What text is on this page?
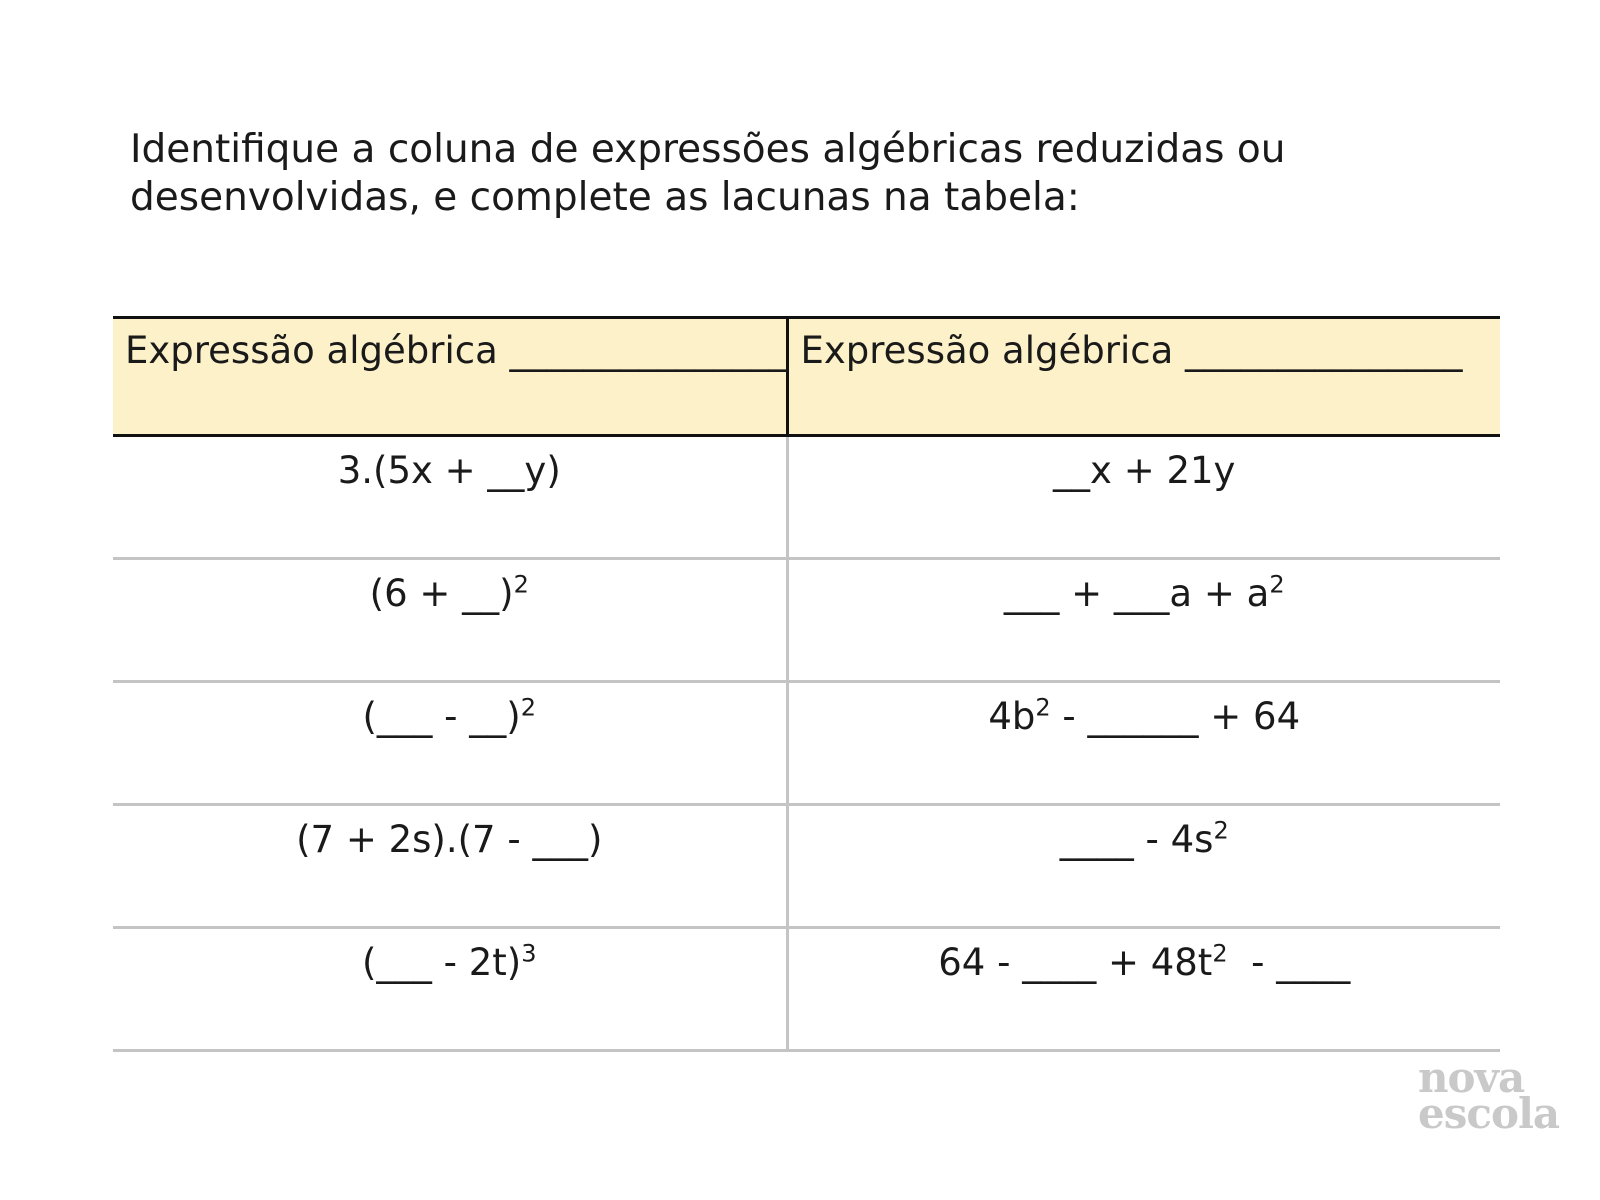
Identifique a coluna de expressões algébricas reduzidas ou
desenvolvidas, e complete as lacunas na tabela:
Expressão algébrica _______________	Expressão algébrica _______________
3.(5x + __y)	__x + 21y
(6 + __)$^2$	___ + ___a + $a^2$
(___ - __)$^2$	$4b^2$ - ______ + 64
(7 + 2s).(7 - ___)	____ - $4s^2$
(___ - 2t)$^3$	64 - ____ + $48t^2$  - ____
nova
escola
